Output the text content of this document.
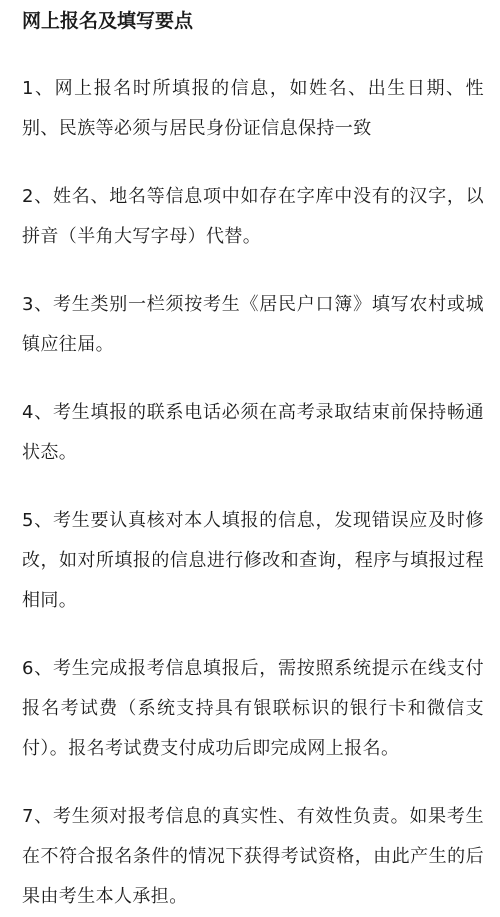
网上报名及填写要点

1、网上报名时所填报的信息，如姓名、出生日期、性别、民族等必须与居民身份证信息保持一致

2、姓名、地名等信息项中如存在字库中没有的汉字，以拼音（半角大写字母）代替。

3、考生类别一栏须按考生《居民户口簿》填写农村或城镇应往届。

4、考生填报的联系电话必须在高考录取结束前保持畅通状态。

5、考生要认真核对本人填报的信息，发现错误应及时修改，如对所填报的信息进行修改和查询，程序与填报过程相同。

6、考生完成报考信息填报后，需按照系统提示在线支付报名考试费（系统支持具有银联标识的银行卡和微信支付）。报名考试费支付成功后即完成网上报名。

7、考生须对报考信息的真实性、有效性负责。如果考生在不符合报名条件的情况下获得考试资格，由此产生的后果由考生本人承担。
